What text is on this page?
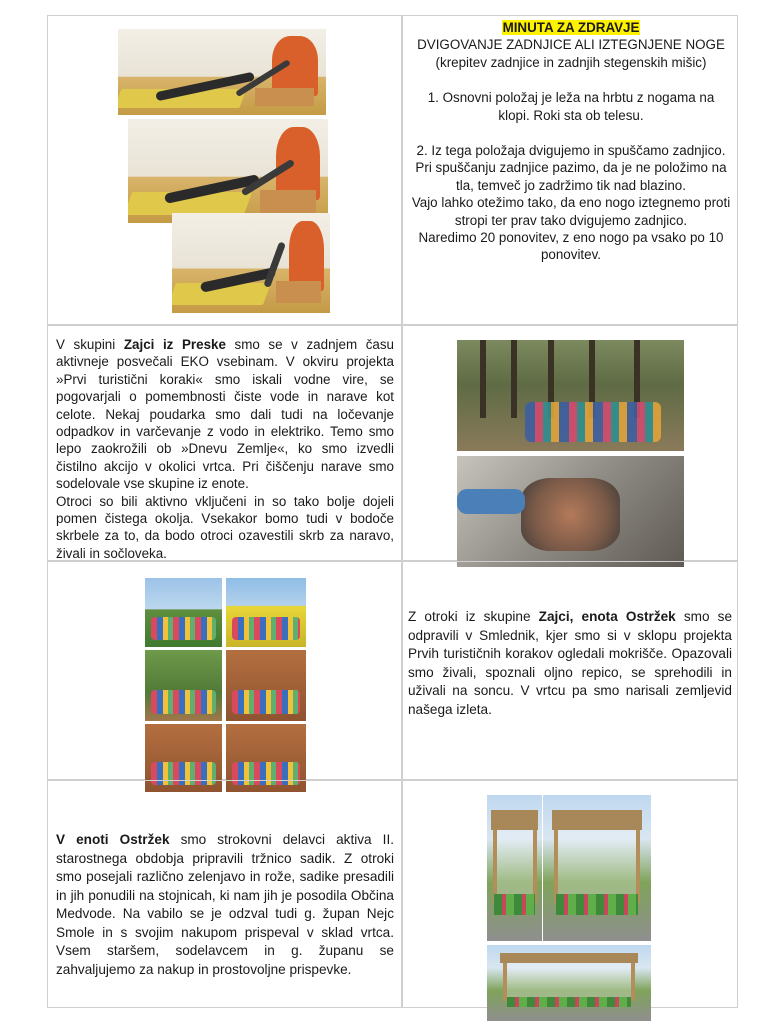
MINUTA ZA ZDRAVJE
DVIGOVANJE ZADNJICE ALI IZTEGNJENE NOGE
(krepitev zadnjice in zadnjih stegenskih mišic)
1. Osnovni položaj je leža na hrbtu z nogama na klopi. Roki sta ob telesu.
2. Iz tega položaja dvigujemo in spuščamo zadnjico. Pri spuščanju zadnjice pazimo, da je ne položimo na tla, temveč jo zadržimo tik nad blazino.
Vajo lahko otežimo tako, da eno nogo iztegnemo proti stropi ter prav tako dvigujemo zadnjico.
Naredimo 20 ponovitev, z eno nogo pa vsako po 10 ponovitev.
V skupini Zajci iz Preske smo se v zadnjem času aktivneje posvečali EKO vsebinam. V okviru projekta »Prvi turistični koraki« smo iskali vodne vire, se pogovarjali o pomembnosti čiste vode in narave kot celote. Nekaj poudarka smo dali tudi na ločevanje odpadkov in varčevanje z vodo in elektriko. Temo smo lepo zaokrožili ob »Dnevu Zemlje«, ko smo izvedli čistilno akcijo v okolici vrtca. Pri čiščenju narave smo sodelovale vse skupine iz enote.
Otroci so bili aktivno vključeni in so tako bolje dojeli pomen čistega okolja. Vsekakor bomo tudi v bodoče skrbele za to, da bodo otroci ozavestili skrb za naravo, živali in sočloveka.
Z otroki iz skupine Zajci, enota Ostržek smo se odpravili v Smlednik, kjer smo si v sklopu projekta Prvih turističnih korakov ogledali mokrišče. Opazovali smo živali, spoznali oljno repico, se sprehodili in uživali na soncu. V vrtcu pa smo narisali zemljevid našega izleta.
V enoti Ostržek smo strokovni delavci aktiva II. starostnega obdobja pripravili tržnico sadik. Z otroki smo posejali različno zelenjavo in rože, sadike presadili in jih ponudili na stojnicah, ki nam jih je posodila Občina Medvode. Na vabilo se je odzval tudi g. župan Nejc Smole in s svojim nakupom prispeval v sklad vrtca. Vsem staršem, sodelavcem in g. županu se zahvaljujemo za nakup in prostovoljne prispevke.
